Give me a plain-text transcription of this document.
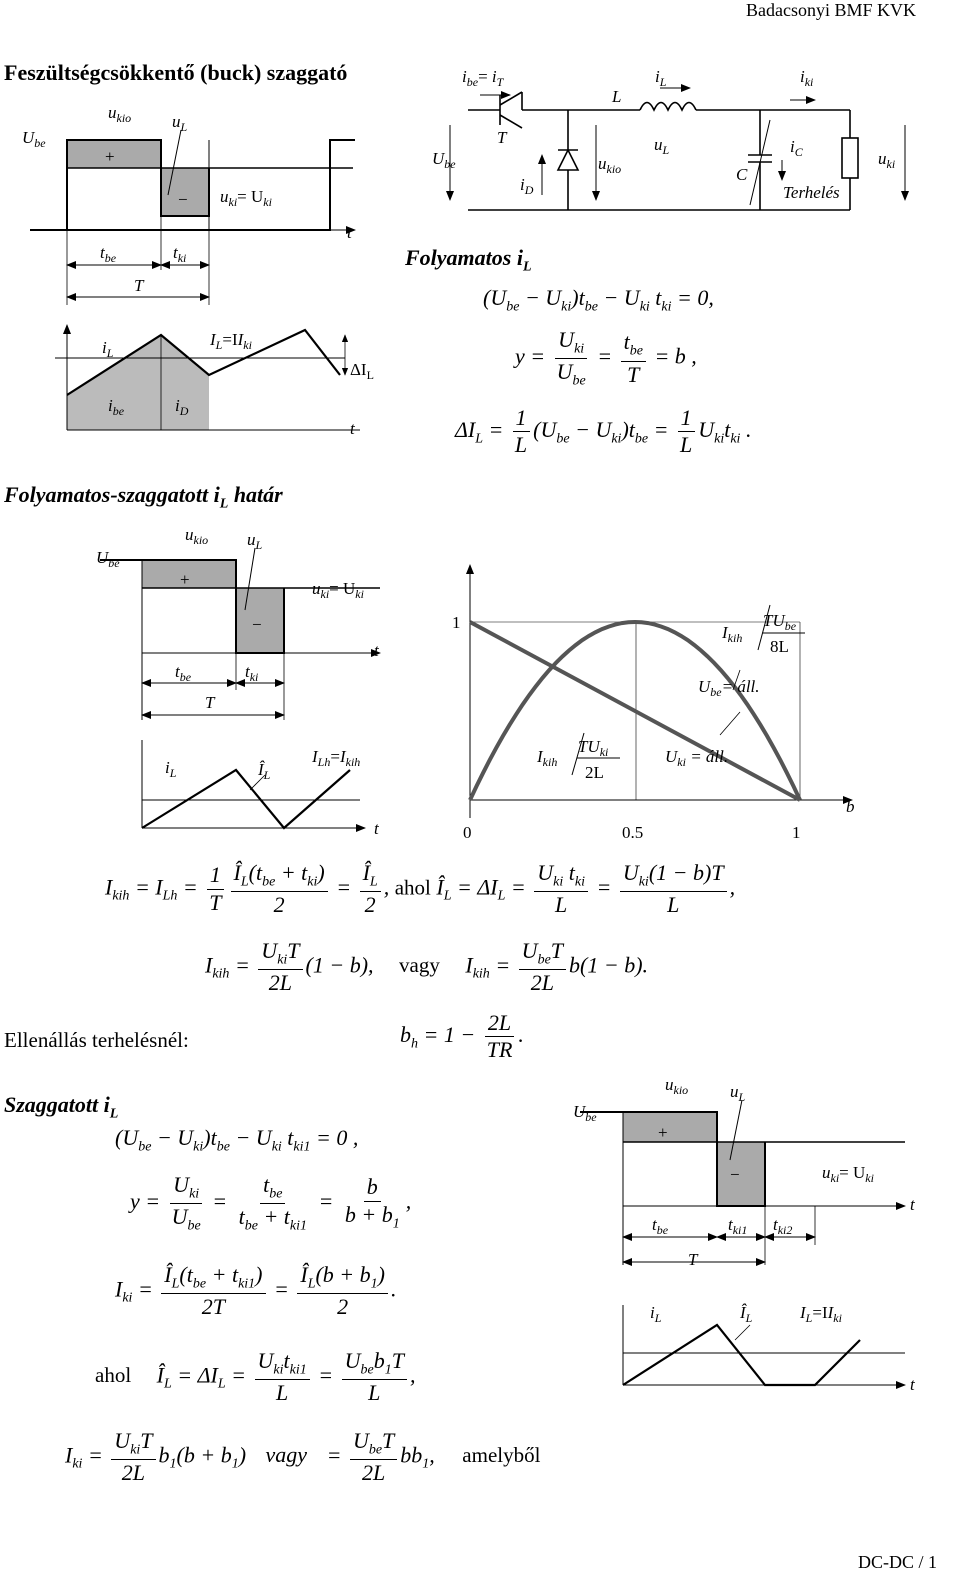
Badacsonyi BMF KVK
DC-DC / 1
Feszültségcsökkentő (buck) szaggató
Folyamatos $i_L$
Folyamatos-szaggatott $i_L$ határ
Szaggatott $i_L$
$U_{be}$
$u_{kio}$ $u_L$
+
− $u_{ki}= U_{ki}$
t
$t_{be}$	$t_{ki}$
T
$i_L$
$I_L=II_{ki}$
$i_{be}$	$i_D$
$\Delta I_L$
t
$i_{be}= i_T$
L
$i_L$	$i_{ki}$
$U_{be}$
T
$i_D$
$u_{kio}$
$u_L$
C
$i_C$
Terhelés
$u_{ki}$
$U_{be}$
$u_{kio}$ $u_L$
+
−
$u_{ki}= U_{ki}$
t
$t_{be}$	$t_{ki}$
T
$i_L$	$Î_L$
$I_{Lh}=I_{kih}$
t
1
0	0.5	1
b
$U_{be}=$ áll.
$U_{ki}$ = áll.
$I_{kih}$
$TU_{be}$
8L
$I_{kih}$
$TU_{ki}$
2L
$U_{be}$
$u_{kio}$ $u_L$
+
−	$u_{ki}= U_{ki}$
t
$t_{be}$	$t_{ki1}$ $t_{ki2}$
T
$i_L$	$Î_L$	$I_L=II_{ki}$
t
$(U_{be} - U_{ki})t_{be} - U_{ki}$ $t_{ki} = 0$,
$y = \frac{U_{ki}}{U_{be}} = \frac{t_{be}}{T} = b$ ,
$\Delta I_L = \frac{1}{L} (U_{be} - U_{ki})t_{be} = \frac{1}{L} U_{ki}t_{ki}$ .
$I_{kih} = I_{Lh} = \frac{1}{T} \frac{Î_L(t_{be} + t_{ki})}{2} = \frac{Î_L}{2}$ , ahol $Î_L = \Delta I_L = \frac{U_{ki} t_{ki}}{L} = \frac{U_{ki}(1 - b)T}{L}$ ,
$I_{kih} = \frac{U_{ki}T}{2L} (1 - b)$, vagy $I_{kih} = \frac{U_{be}T}{2L} b(1 - b)$.
Ellenállás terhelésnél:	$b_h = 1 - \frac{2L}{TR}$ .
$(U_{be} - U_{ki})t_{be} - U_{ki}$ $t_{ki1} = 0$ ,
$y = \frac{U_{ki}}{U_{be}} = \frac{t_{be}}{t_{be} + t_{ki1}} = \frac{b}{b + b_1}$ ,
$I_{ki} = \frac{Î_L(t_{be} + t_{ki1})}{2T} = \frac{Î_L(b + b_1)}{2}$ .
ahol $Î_L = \Delta I_L = \frac{U_{ki}t_{ki1}}{L} = \frac{U_{be}b_1T}{L}$ ,
$I_{ki} = \frac{U_{ki}T}{2L} b_1(b + b_1)$ vagy = $\frac{U_{be}T}{2L} bb_1$, amelyből
